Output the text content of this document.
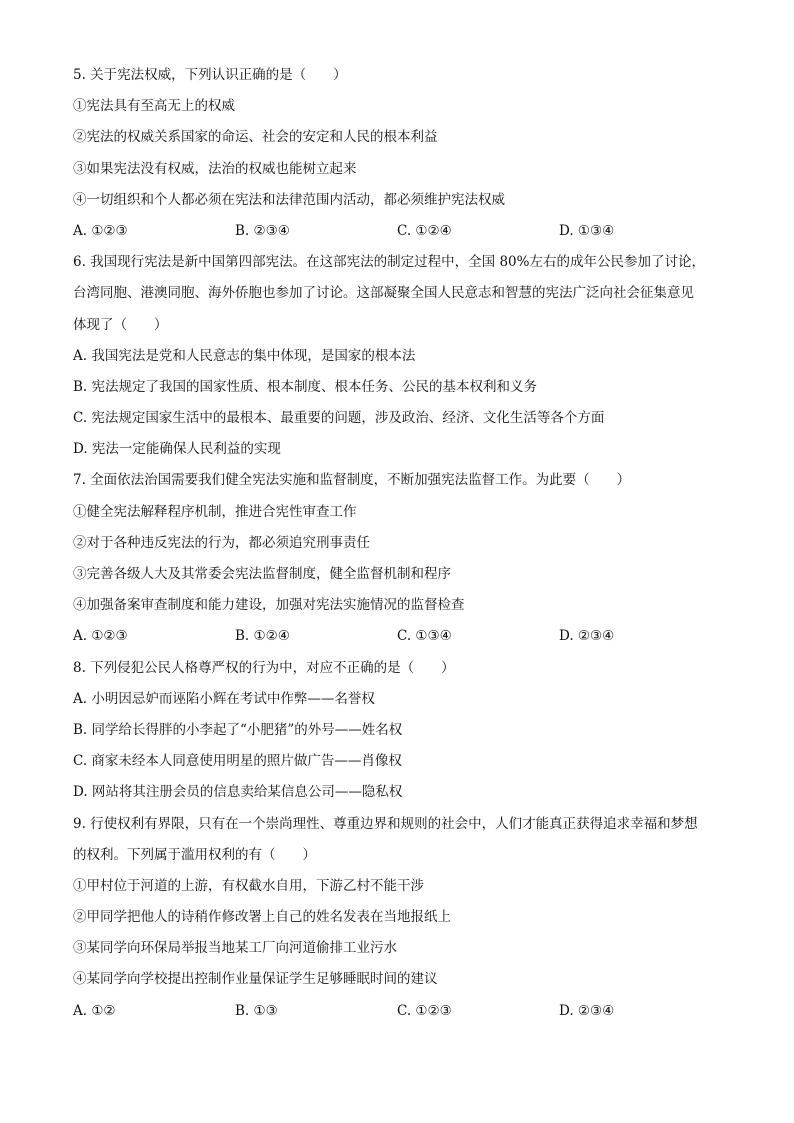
5. 关于宪法权威，下列认识正确的是（　　）
①宪法具有至高无上的权威
②宪法的权威关系国家的命运、社会的安定和人民的根本利益
③如果宪法没有权威，法治的权威也能树立起来
④一切组织和个人都必须在宪法和法律范围内活动，都必须维护宪法权威
A. ①②③	B. ②③④	C. ①②④	D. ①③④
6. 我国现行宪法是新中国第四部宪法。在这部宪法的制定过程中，全国 80%左右的成年公民参加了讨论，
台湾同胞、港澳同胞、海外侨胞也参加了讨论。这部凝聚全国人民意志和智慧的宪法广泛向社会征集意见
体现了（　　）
A. 我国宪法是党和人民意志的集中体现，是国家的根本法
B. 宪法规定了我国的国家性质、根本制度、根本任务、公民的基本权利和义务
C. 宪法规定国家生活中的最根本、最重要的问题，涉及政治、经济、文化生活等各个方面
D. 宪法一定能确保人民利益的实现
7. 全面依法治国需要我们健全宪法实施和监督制度，不断加强宪法监督工作。为此要（　　）
①健全宪法解释程序机制，推进合宪性审查工作
②对于各种违反宪法的行为，都必须追究刑事责任
③完善各级人大及其常委会宪法监督制度，健全监督机制和程序
④加强备案审查制度和能力建设，加强对宪法实施情况的监督检查
A. ①②③	B. ①②④	C. ①③④	D. ②③④
8. 下列侵犯公民人格尊严权的行为中，对应不正确的是（　　）
A. 小明因忌妒而诬陷小辉在考试中作弊——名誉权
B. 同学给长得胖的小李起了“小肥猪”的外号——姓名权
C. 商家未经本人同意使用明星的照片做广告——肖像权
D. 网站将其注册会员的信息卖给某信息公司——隐私权
9. 行使权利有界限，只有在一个崇尚理性、尊重边界和规则的社会中，人们才能真正获得追求幸福和梦想
的权利。下列属于滥用权利的有（　　）
①甲村位于河道的上游，有权截水自用，下游乙村不能干涉
②甲同学把他人的诗稍作修改署上自己的姓名发表在当地报纸上
③某同学向环保局举报当地某工厂向河道偷排工业污水
④某同学向学校提出控制作业量保证学生足够睡眠时间的建议
A. ①②	B. ①③	C. ①②③	D. ②③④
